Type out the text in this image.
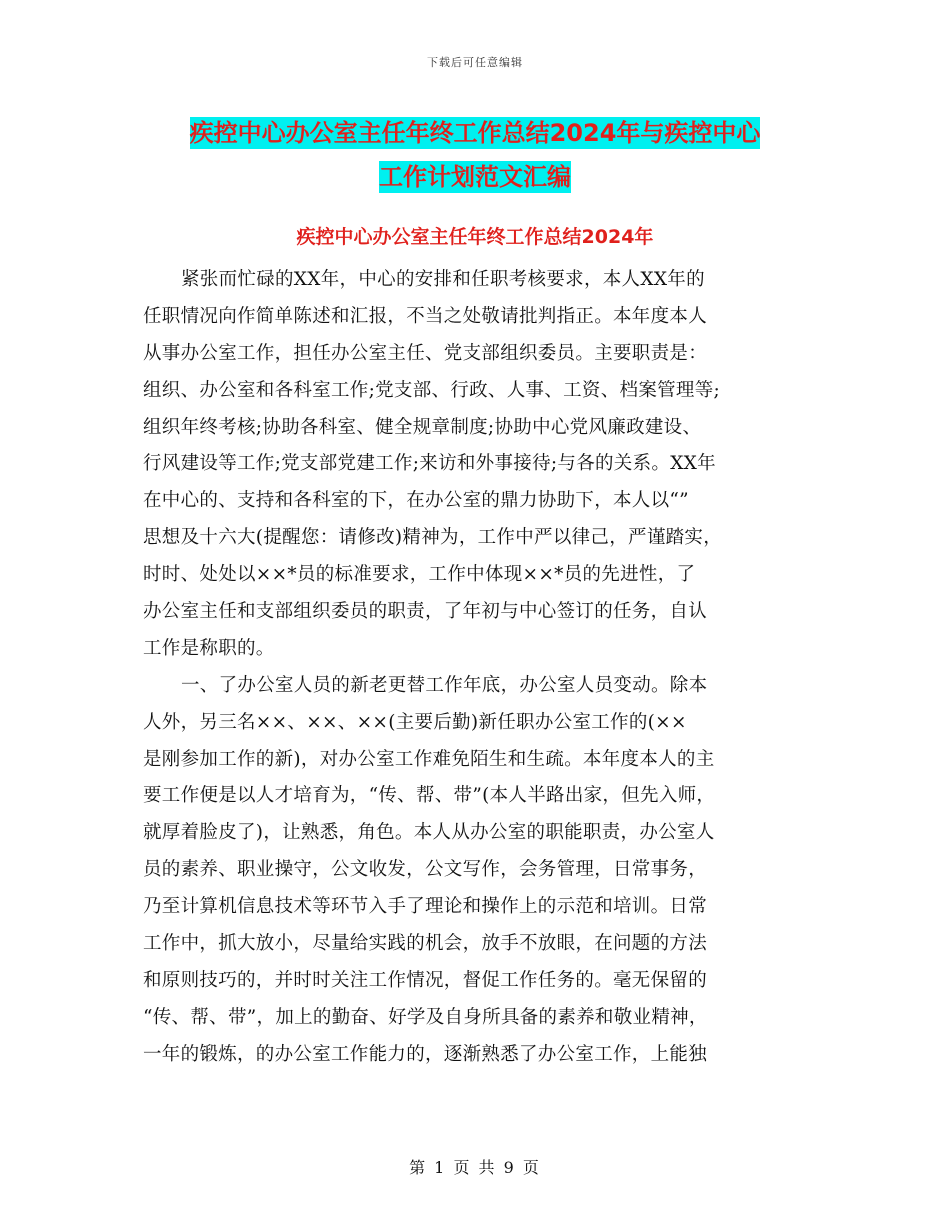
下载后可任意编辑
疾控中心办公室主任年终工作总结2024年与疾控中心
工作计划范文汇编
疾控中心办公室主任年终工作总结2024年
紧张而忙碌的XX年，中心的安排和任职考核要求，本人XX年的
任职情况向作简单陈述和汇报，不当之处敬请批判指正。本年度本人
从事办公室工作，担任办公室主任、党支部组织委员。主要职责是：
组织、办公室和各科室工作;党支部、行政、人事、工资、档案管理等;
组织年终考核;协助各科室、健全规章制度;协助中心党风廉政建设、
行风建设等工作;党支部党建工作;来访和外事接待;与各的关系。XX年
在中心的、支持和各科室的下，在办公室的鼎力协助下，本人以“”
思想及十六大(提醒您：请修改)精神为，工作中严以律己，严谨踏实，
时时、处处以××*员的标准要求，工作中体现××*员的先进性，了
办公室主任和支部组织委员的职责，了年初与中心签订的任务，自认
工作是称职的。
一、了办公室人员的新老更替工作年底，办公室人员变动。除本
人外，另三名××、××、××(主要后勤)新任职办公室工作的(××
是刚参加工作的新)，对办公室工作难免陌生和生疏。本年度本人的主
要工作便是以人才培育为，“传、帮、带”(本人半路出家，但先入师，
就厚着脸皮了)，让熟悉，角色。本人从办公室的职能职责，办公室人
员的素养、职业操守，公文收发，公文写作，会务管理，日常事务，
乃至计算机信息技术等环节入手了理论和操作上的示范和培训。日常
工作中，抓大放小，尽量给实践的机会，放手不放眼，在问题的方法
和原则技巧的，并时时关注工作情况，督促工作任务的。毫无保留的
“传、帮、带”，加上的勤奋、好学及自身所具备的素养和敬业精神，
一年的锻炼，的办公室工作能力的，逐渐熟悉了办公室工作，上能独
第 1 页 共 9 页
